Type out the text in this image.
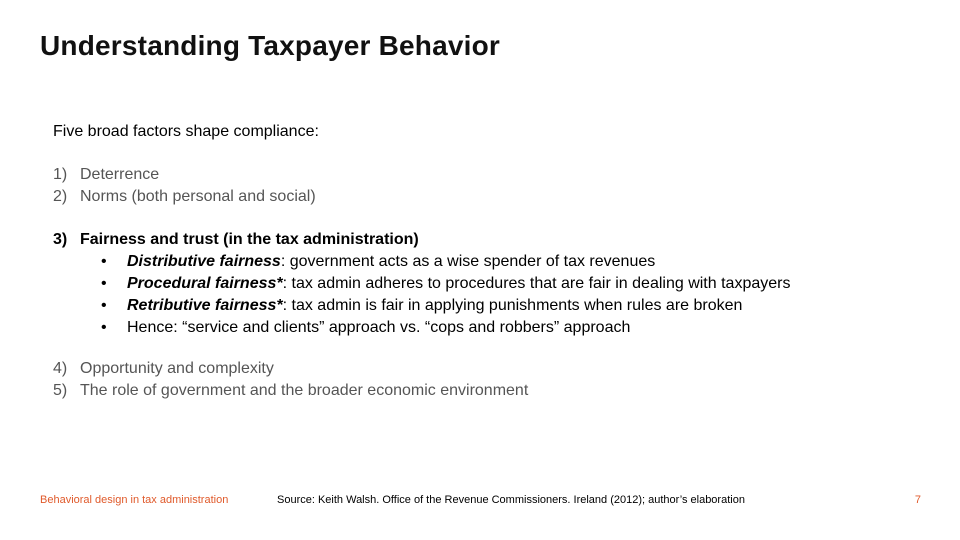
Understanding Taxpayer Behavior
Five broad factors shape compliance:
1) Deterrence
2) Norms (both personal and social)
3) Fairness and trust (in the tax administration)
•	Distributive fairness: government acts as a wise spender of tax revenues
•	Procedural fairness*: tax admin adheres to procedures that are fair in dealing with taxpayers
•	Retributive fairness*: tax admin is fair in applying punishments when rules are broken
•	Hence: “service and clients” approach vs. “cops and robbers” approach
4) Opportunity and complexity
5) The role of government and the broader economic environment
Behavioral design in tax administration	Source: Keith Walsh. Office of the Revenue Commissioners. Ireland (2012); author’s elaboration	7
